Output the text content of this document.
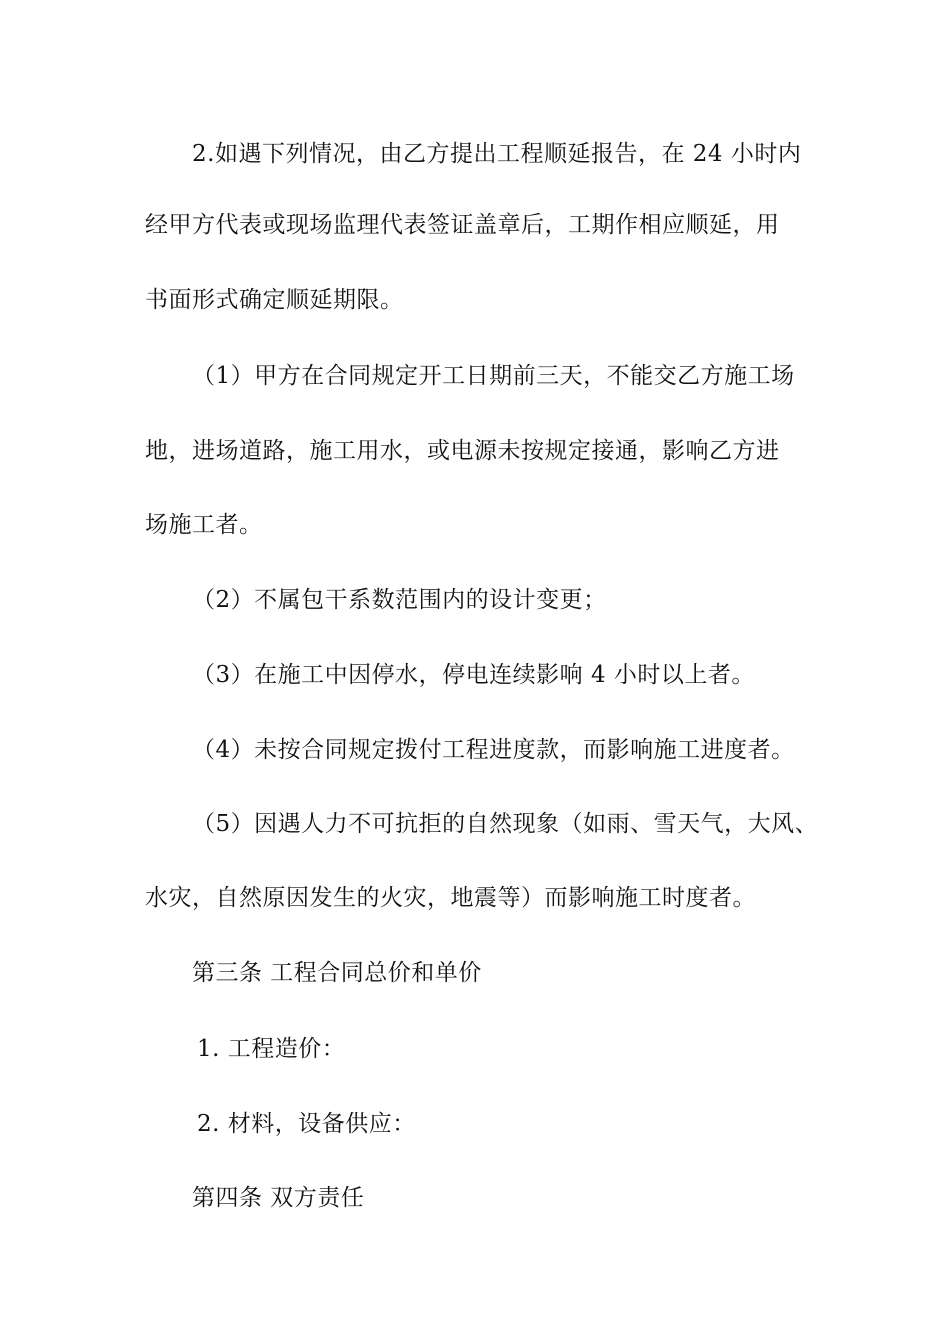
2.如遇下列情况，由乙方提出工程顺延报告，在 24 小时内
经甲方代表或现场监理代表签证盖章后，工期作相应顺延，用
书面形式确定顺延期限。
（1）甲方在合同规定开工日期前三天，不能交乙方施工场
地，进场道路，施工用水，或电源未按规定接通，影响乙方进
场施工者。
（2）不属包干系数范围内的设计变更；
（3）在施工中因停水，停电连续影响 4 小时以上者。
（4）未按合同规定拨付工程进度款，而影响施工进度者。
（5）因遇人力不可抗拒的自然现象（如雨、雪天气，大风、
水灾，自然原因发生的火灾，地震等）而影响施工时度者。
第三条 工程合同总价和单价
1. 工程造价：
2. 材料，设备供应：
第四条 双方责任
